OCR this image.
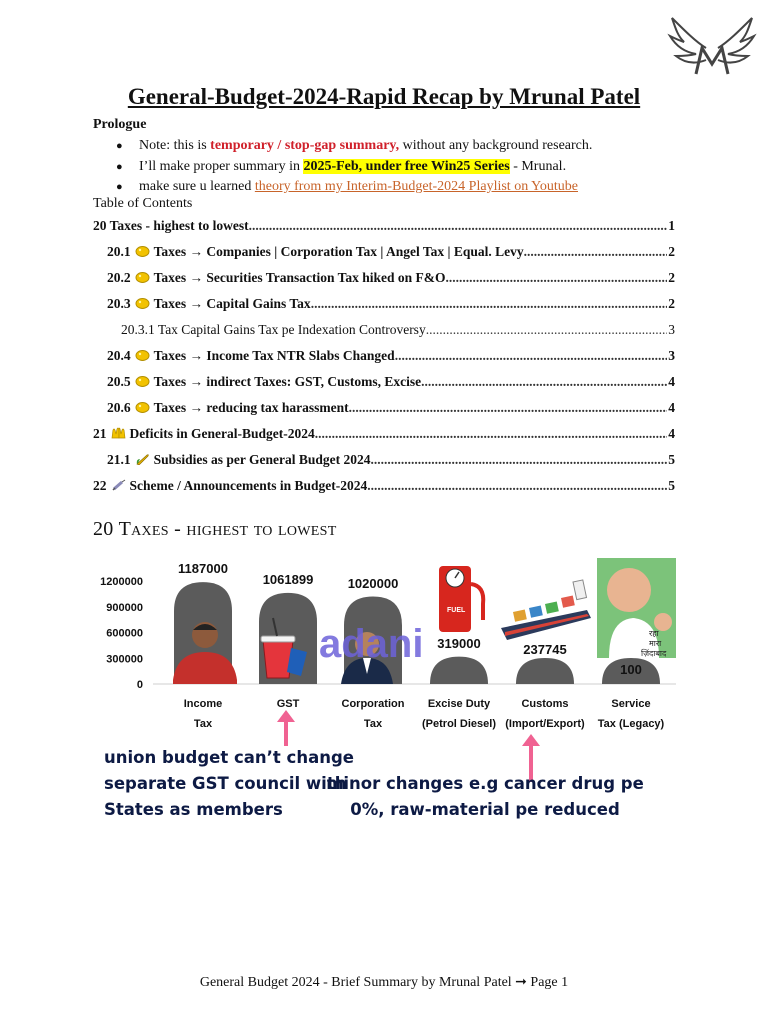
General-Budget-2024-Rapid Recap by Mrunal Patel
Prologue
● Note: this is temporary / stop-gap summary, without any background research.
● I’ll make proper summary in 2025-Feb, under free Win25 Series - Mrunal.
● make sure u learned theory from my Interim-Budget-2024 Playlist on Youtube
Table of Contents
20 Taxes - highest to lowest .....	1
20.1 Taxes → Companies | Corporation Tax | Angel Tax | Equal. Levy .....	2
20.2 Taxes → Securities Transaction Tax hiked on F&O .....	2
20.3 Taxes → Capital Gains Tax .....	2
20.3.1 Tax Capital Gains Tax pe Indexation Controversy .....	3
20.4 Taxes → Income Tax NTR Slabs Changed .....	3
20.5 Taxes → indirect Taxes: GST, Customs, Excise .....	4
20.6 Taxes → reducing tax harassment .....	4
21 Deficits in General-Budget-2024 .....	4
21.1 Subsidies as per General Budget 2024 .....	5
22 Scheme / Announcements in Budget-2024 .....	5
20 Taxes - highest to lowest
1200000
900000
600000
300000
0
adani
FUEL
रहा
मारा
ज़िंदाबाद
1187000
1061899	1020000
319000	237745
100
Income
Tax
GST	Corporation
Tax
Excise Duty
(Petrol Diesel)
Customs
(Import/Export)
Service
Tax (Legacy)
union budget can’t change
separate GST council with
States as members
minor changes e.g cancer drug pe
0%, raw-material pe reduced
General Budget 2024 - Brief Summary by Mrunal Patel ➞ Page 1
